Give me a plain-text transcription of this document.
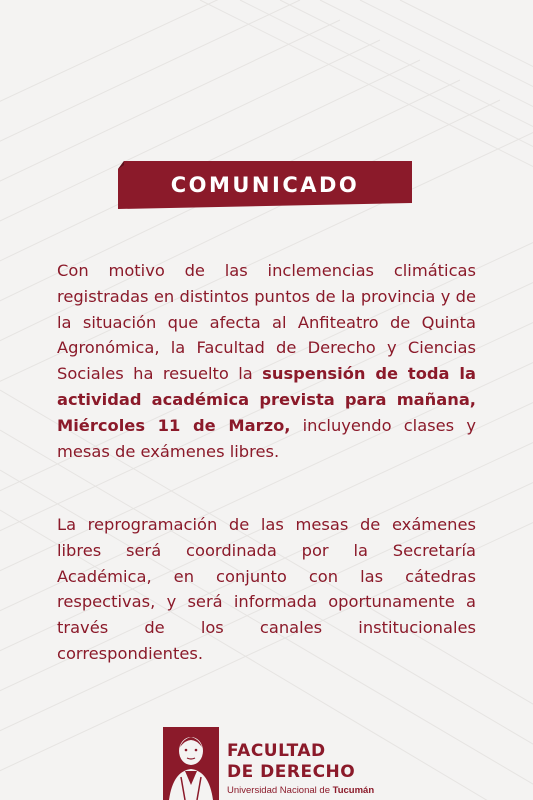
COMUNICADO

Con motivo de las inclemencias climáticas registradas en distintos puntos de la provincia y de la situación que afecta al Anfiteatro de Quinta Agronómica, la Facultad de Derecho y Ciencias Sociales ha resuelto la suspensión de toda la actividad académica prevista para mañana, Miércoles 11 de Marzo, incluyendo clases y mesas de exámenes libres.

La reprogramación de las mesas de exámenes libres será coordinada por la Secretaría Académica, en conjunto con las cátedras respectivas, y será informada oportunamente a través de los canales institucionales correspondientes.

FACULTAD
DE DERECHO
Universidad Nacional de Tucumán
